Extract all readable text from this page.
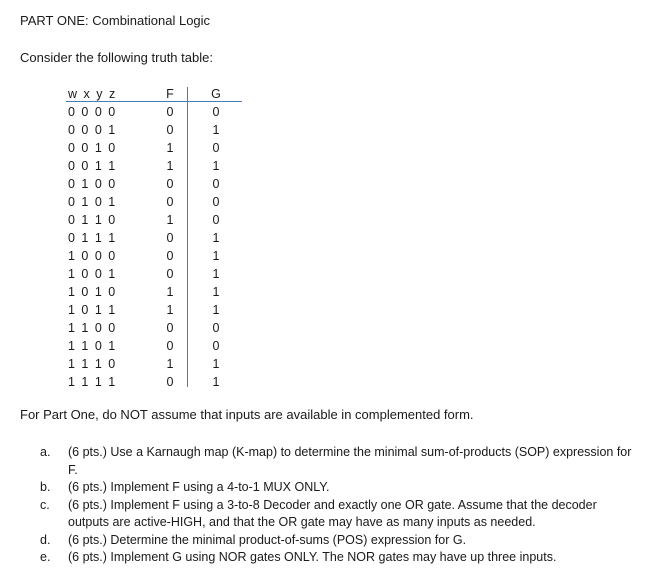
PART ONE: Combinational Logic
Consider the following truth table:
w x y z	F	G
0 0 0 0	0	0
0 0 0 1	0	1
0 0 1 0	1	0
0 0 1 1	1	1
0 1 0 0	0	0
0 1 0 1	0	0
0 1 1 0	1	0
0 1 1 1	0	1
1 0 0 0	0	1
1 0 0 1	0	1
1 0 1 0	1	1
1 0 1 1	1	1
1 1 0 0	0	0
1 1 0 1	0	0
1 1 1 0	1	1
1 1 1 1	0	1
For Part One, do NOT assume that inputs are available in complemented form.
a. (6 pts.) Use a Karnaugh map (K-map) to determine the minimal sum-of-products (SOP) expression for F.
b. (6 pts.) Implement F using a 4-to-1 MUX ONLY.
c. (6 pts.) Implement F using a 3-to-8 Decoder and exactly one OR gate. Assume that the decoder outputs are active-HIGH, and that the OR gate may have as many inputs as needed.
d. (6 pts.) Determine the minimal product-of-sums (POS) expression for G.
e. (6 pts.) Implement G using NOR gates ONLY. The NOR gates may have up three inputs.
